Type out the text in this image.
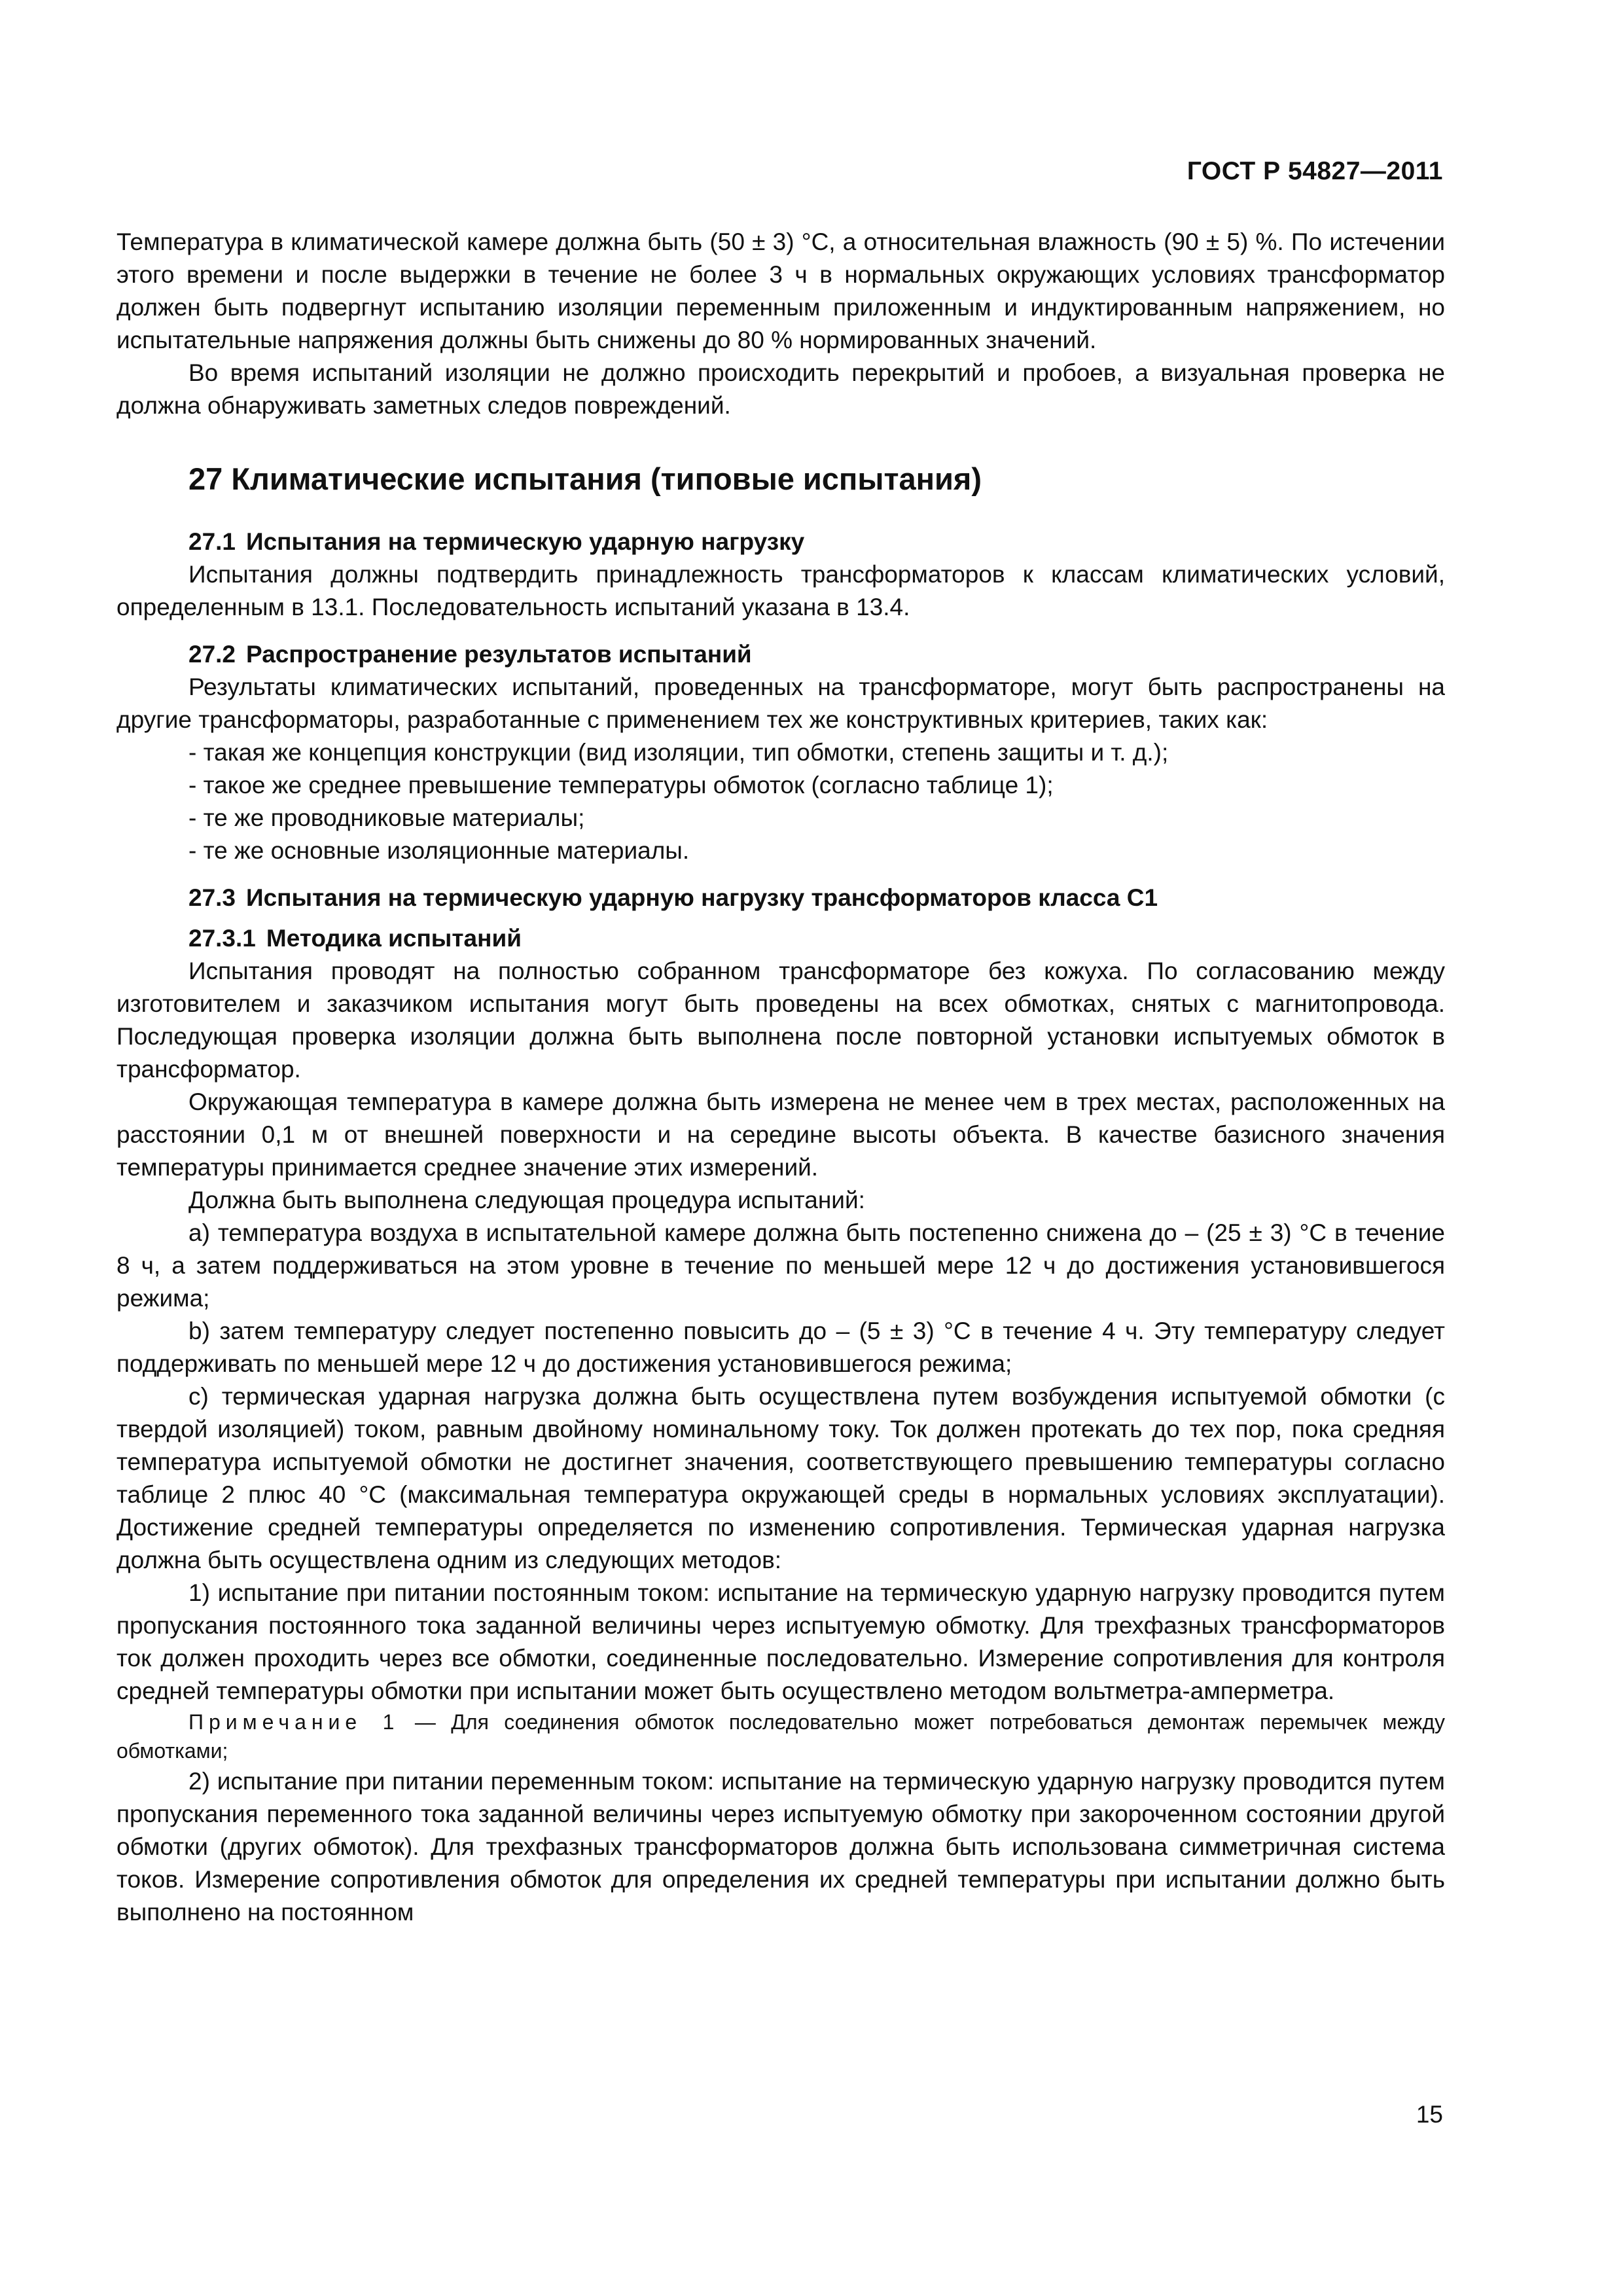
ГОСТ Р 54827—2011

Температура в климатической камере должна быть (50 ± 3) °C, а относительная влажность (90 ± 5) %. По истечении этого времени и после выдержки в течение не более 3 ч в нормальных окружающих условиях трансформатор должен быть подвергнут испытанию изоляции переменным приложенным и индуктированным напряжением, но испытательные напряжения должны быть снижены до 80 % нормированных значений.

Во время испытаний изоляции не должно происходить перекрытий и пробоев, а визуальная проверка не должна обнаруживать заметных следов повреждений.

27 Климатические испытания (типовые испытания)
27.1 Испытания на термическую ударную нагрузку

Испытания должны подтвердить принадлежность трансформаторов к классам климатических условий, определенным в 13.1. Последовательность испытаний указана в 13.4.

27.2 Распространение результатов испытаний

Результаты климатических испытаний, проведенных на трансформаторе, могут быть распространены на другие трансформаторы, разработанные с применением тех же конструктивных критериев, таких как:

- такая же концепция конструкции (вид изоляции, тип обмотки, степень защиты и т. д.);

- такое же среднее превышение температуры обмоток (согласно таблице 1);

- те же проводниковые материалы;

- те же основные изоляционные материалы.

27.3 Испытания на термическую ударную нагрузку трансформаторов класса C1
27.3.1 Методика испытаний

Испытания проводят на полностью собранном трансформаторе без кожуха. По согласованию между изготовителем и заказчиком испытания могут быть проведены на всех обмотках, снятых с магнитопровода. Последующая проверка изоляции должна быть выполнена после повторной установки испытуемых обмоток в трансформатор.

Окружающая температура в камере должна быть измерена не менее чем в трех местах, расположенных на расстоянии 0,1 м от внешней поверхности и на середине высоты объекта. В качестве базисного значения температуры принимается среднее значение этих измерений.

Должна быть выполнена следующая процедура испытаний:

а) температура воздуха в испытательной камере должна быть постепенно снижена до – (25 ± 3) °C в течение 8 ч, а затем поддерживаться на этом уровне в течение по меньшей мере 12 ч до достижения установившегося режима;

b) затем температуру следует постепенно повысить до – (5 ± 3) °C в течение 4 ч. Эту температуру следует поддерживать по меньшей мере 12 ч до достижения установившегося режима;

с) термическая ударная нагрузка должна быть осуществлена путем возбуждения испытуемой обмотки (с твердой изоляцией) током, равным двойному номинальному току. Ток должен протекать до тех пор, пока средняя температура испытуемой обмотки не достигнет значения, соответствующего превышению температуры согласно таблице 2 плюс 40 °C (максимальная температура окружающей среды в нормальных условиях эксплуатации). Достижение средней температуры определяется по изменению сопротивления. Термическая ударная нагрузка должна быть осуществлена одним из следующих методов:

1) испытание при питании постоянным током: испытание на термическую ударную нагрузку проводится путем пропускания постоянного тока заданной величины через испытуемую обмотку. Для трехфазных трансформаторов ток должен проходить через все обмотки, соединенные последовательно. Измерение сопротивления для контроля средней температуры обмотки при испытании может быть осуществлено методом вольтметра-амперметра.

Примечание 1 — Для соединения обмоток последовательно может потребоваться демонтаж перемычек между обмотками;

2) испытание при питании переменным током: испытание на термическую ударную нагрузку проводится путем пропускания переменного тока заданной величины через испытуемую обмотку при закороченном состоянии другой обмотки (других обмоток). Для трехфазных трансформаторов должна быть использована симметричная система токов. Измерение сопротивления обмоток для определения их средней температуры при испытании должно быть выполнено на постоянном

15
